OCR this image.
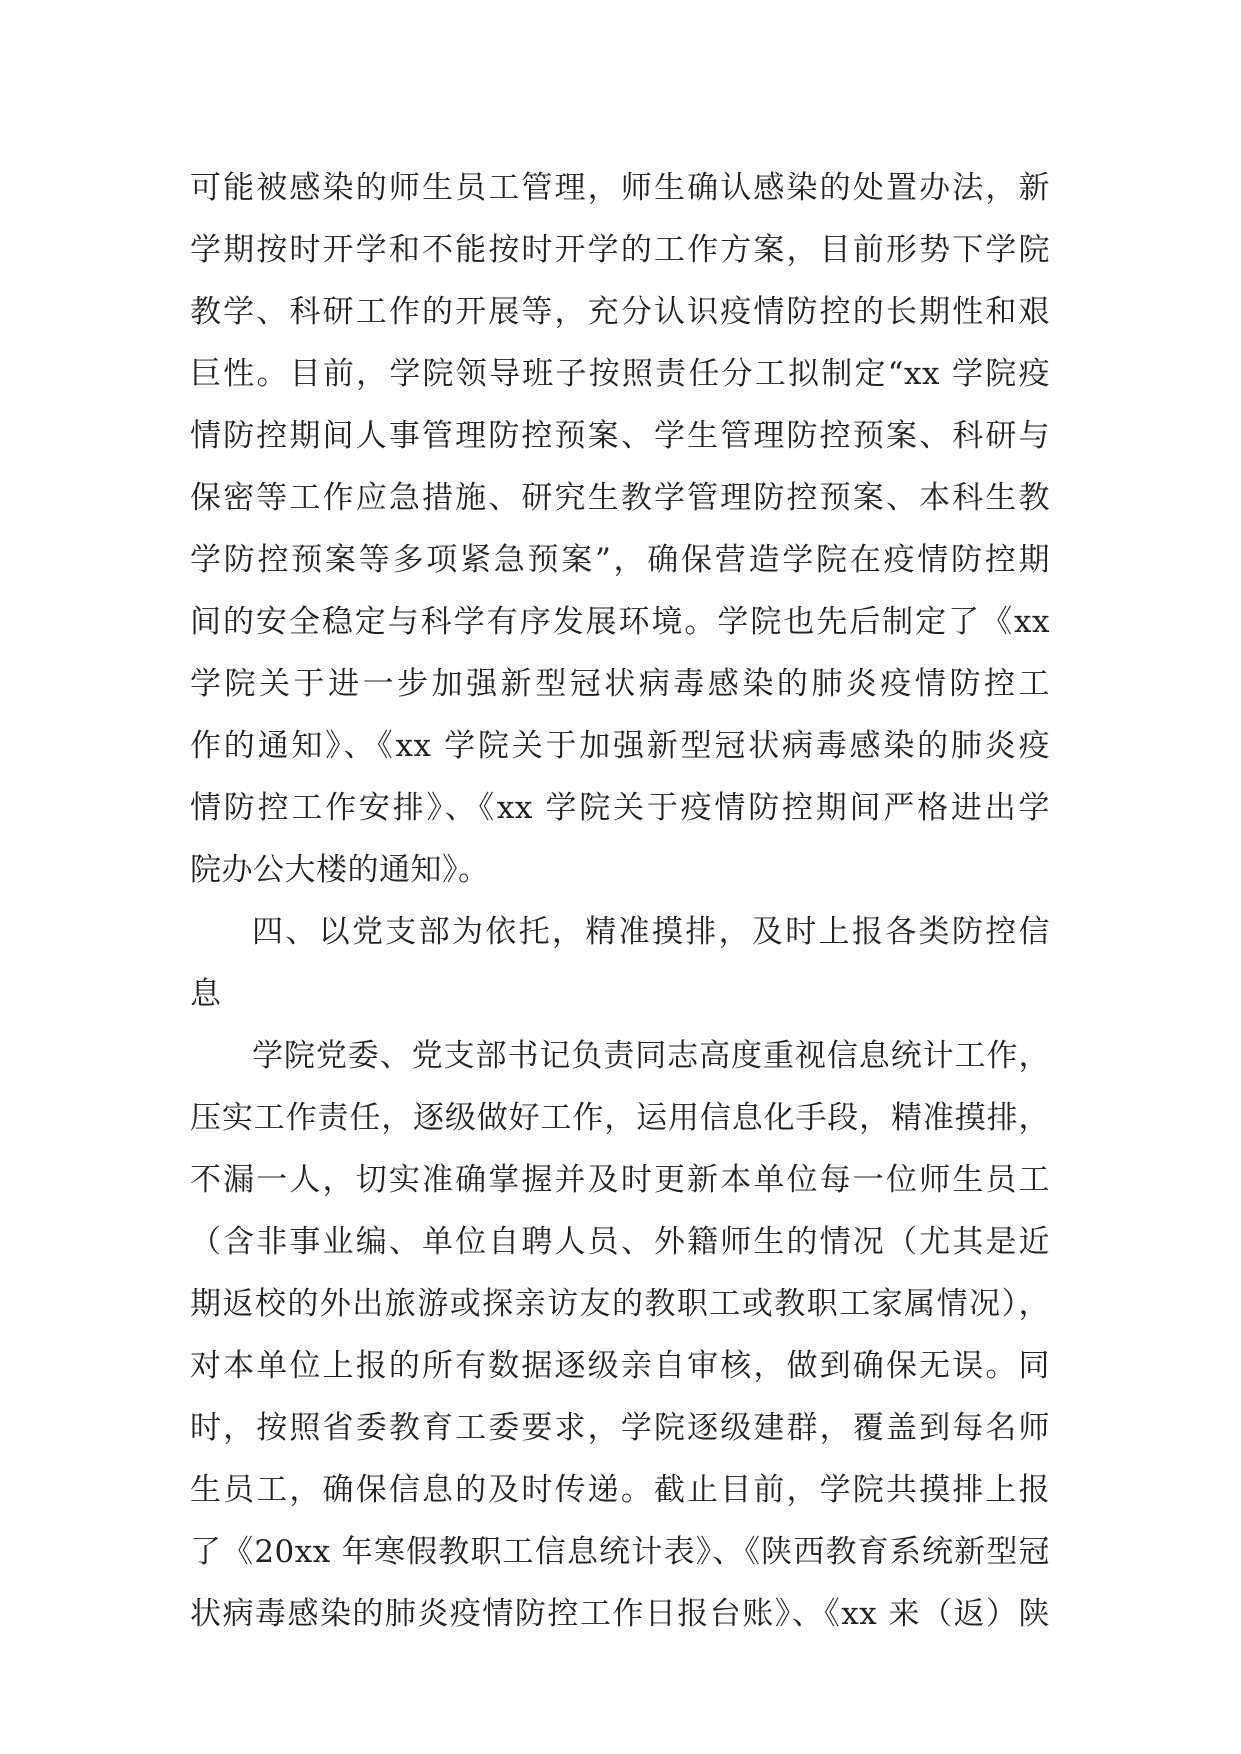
可能被感染的师生员工管理，师生确认感染的处置办法，新
学期按时开学和不能按时开学的工作方案，目前形势下学院
教学、科研工作的开展等，充分认识疫情防控的长期性和艰
巨性。目前，学院领导班子按照责任分工拟制定“xx 学院疫
情防控期间人事管理防控预案、学生管理防控预案、科研与
保密等工作应急措施、研究生教学管理防控预案、本科生教
学防控预案等多项紧急预案”，确保营造学院在疫情防控期
间的安全稳定与科学有序发展环境。学院也先后制定了《xx
学院关于进一步加强新型冠状病毒感染的肺炎疫情防控工
作的通知》、《xx 学院关于加强新型冠状病毒感染的肺炎疫
情防控工作安排》、《xx 学院关于疫情防控期间严格进出学
院办公大楼的通知》。
四、以党支部为依托，精准摸排，及时上报各类防控信
息
学院党委、党支部书记负责同志高度重视信息统计工作，
压实工作责任，逐级做好工作，运用信息化手段，精准摸排，
不漏一人，切实准确掌握并及时更新本单位每一位师生员工
（含非事业编、单位自聘人员、外籍师生的情况（尤其是近
期返校的外出旅游或探亲访友的教职工或教职工家属情况），
对本单位上报的所有数据逐级亲自审核，做到确保无误。同
时，按照省委教育工委要求，学院逐级建群，覆盖到每名师
生员工，确保信息的及时传递。截止目前，学院共摸排上报
了《20xx 年寒假教职工信息统计表》、《陕西教育系统新型冠
状病毒感染的肺炎疫情防控工作日报台账》、《xx 来（返）陕
